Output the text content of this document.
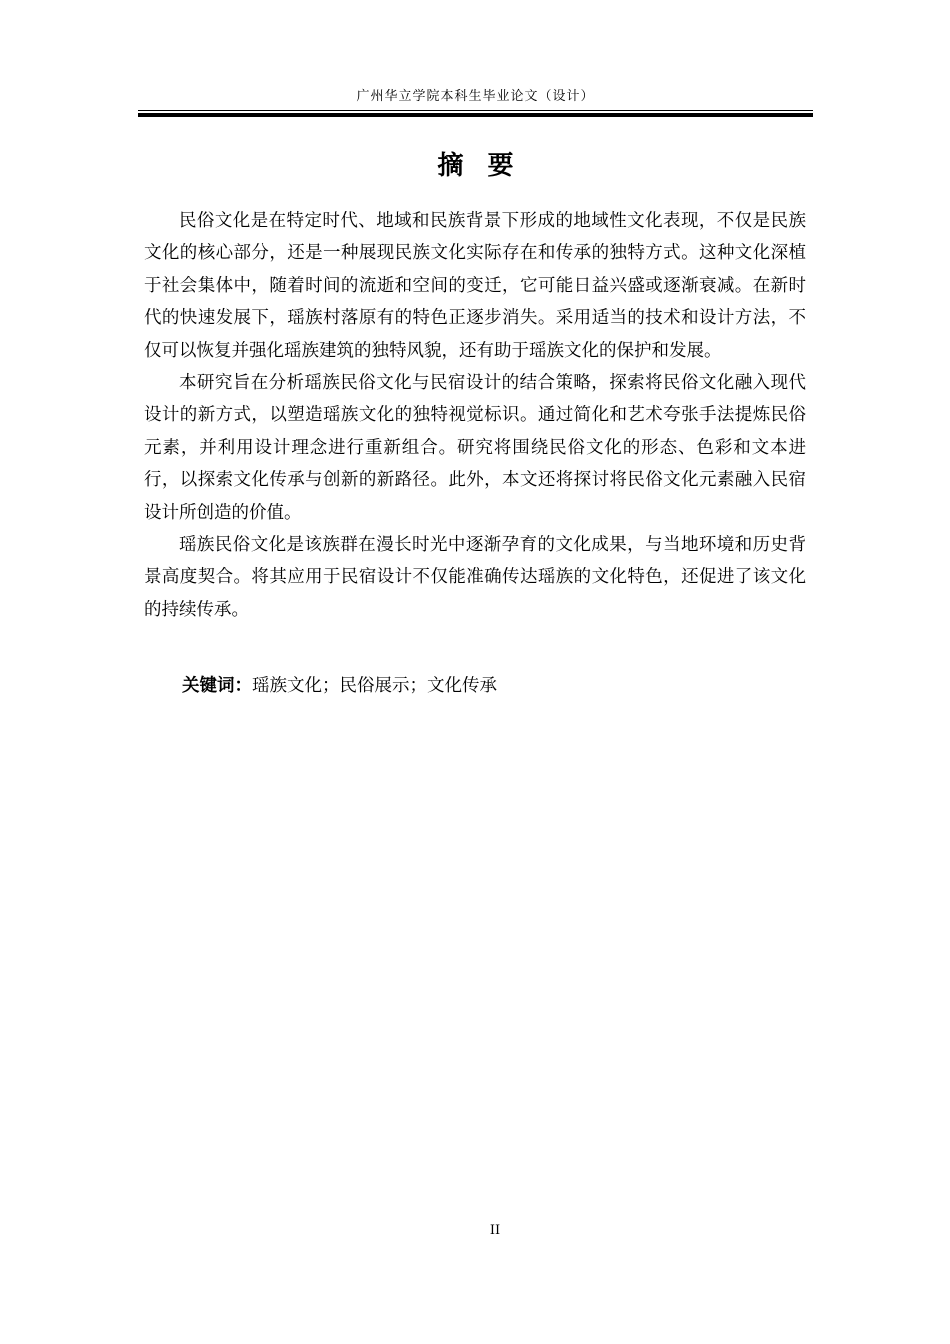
广州华立学院本科生毕业论文（设计）
摘要

民俗文化是在特定时代、地域和民族背景下形成的地域性文化表现，不仅是民族文化的核心部分，还是一种展现民族文化实际存在和传承的独特方式。这种文化深植于社会集体中，随着时间的流逝和空间的变迁，它可能日益兴盛或逐渐衰减。在新时代的快速发展下，瑶族村落原有的特色正逐步消失。采用适当的技术和设计方法，不仅可以恢复并强化瑶族建筑的独特风貌，还有助于瑶族文化的保护和发展。

本研究旨在分析瑶族民俗文化与民宿设计的结合策略，探索将民俗文化融入现代设计的新方式，以塑造瑶族文化的独特视觉标识。通过简化和艺术夸张手法提炼民俗元素，并利用设计理念进行重新组合。研究将围绕民俗文化的形态、色彩和文本进行，以探索文化传承与创新的新路径。此外，本文还将探讨将民俗文化元素融入民宿设计所创造的价值。

瑶族民俗文化是该族群在漫长时光中逐渐孕育的文化成果，与当地环境和历史背景高度契合。将其应用于民宿设计不仅能准确传达瑶族的文化特色，还促进了该文化的持续传承。

关键词：瑶族文化；民俗展示；文化传承
II
